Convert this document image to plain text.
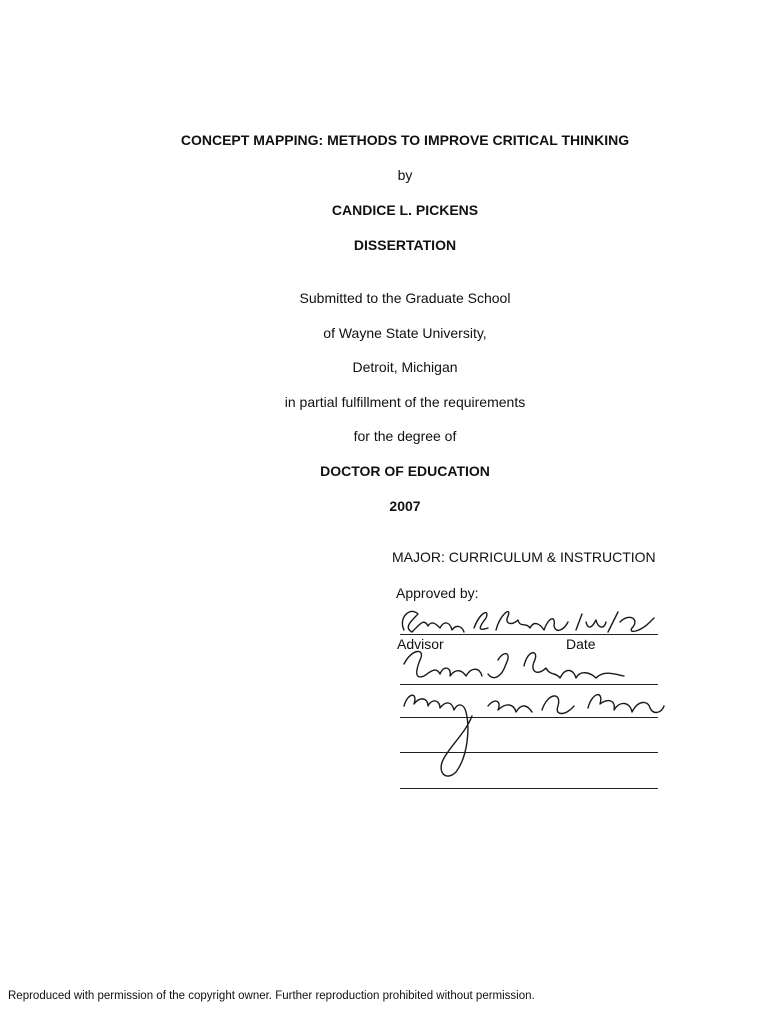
CONCEPT MAPPING: METHODS TO IMPROVE CRITICAL THINKING
by
CANDICE L. PICKENS
DISSERTATION
Submitted to the Graduate School
of Wayne State University,
Detroit, Michigan
in partial fulfillment of the requirements
for the degree of
DOCTOR OF EDUCATION
2007
MAJOR: CURRICULUM & INSTRUCTION
Approved by:
Advisor	Date
Reproduced with permission of the copyright owner. Further reproduction prohibited without permission.
